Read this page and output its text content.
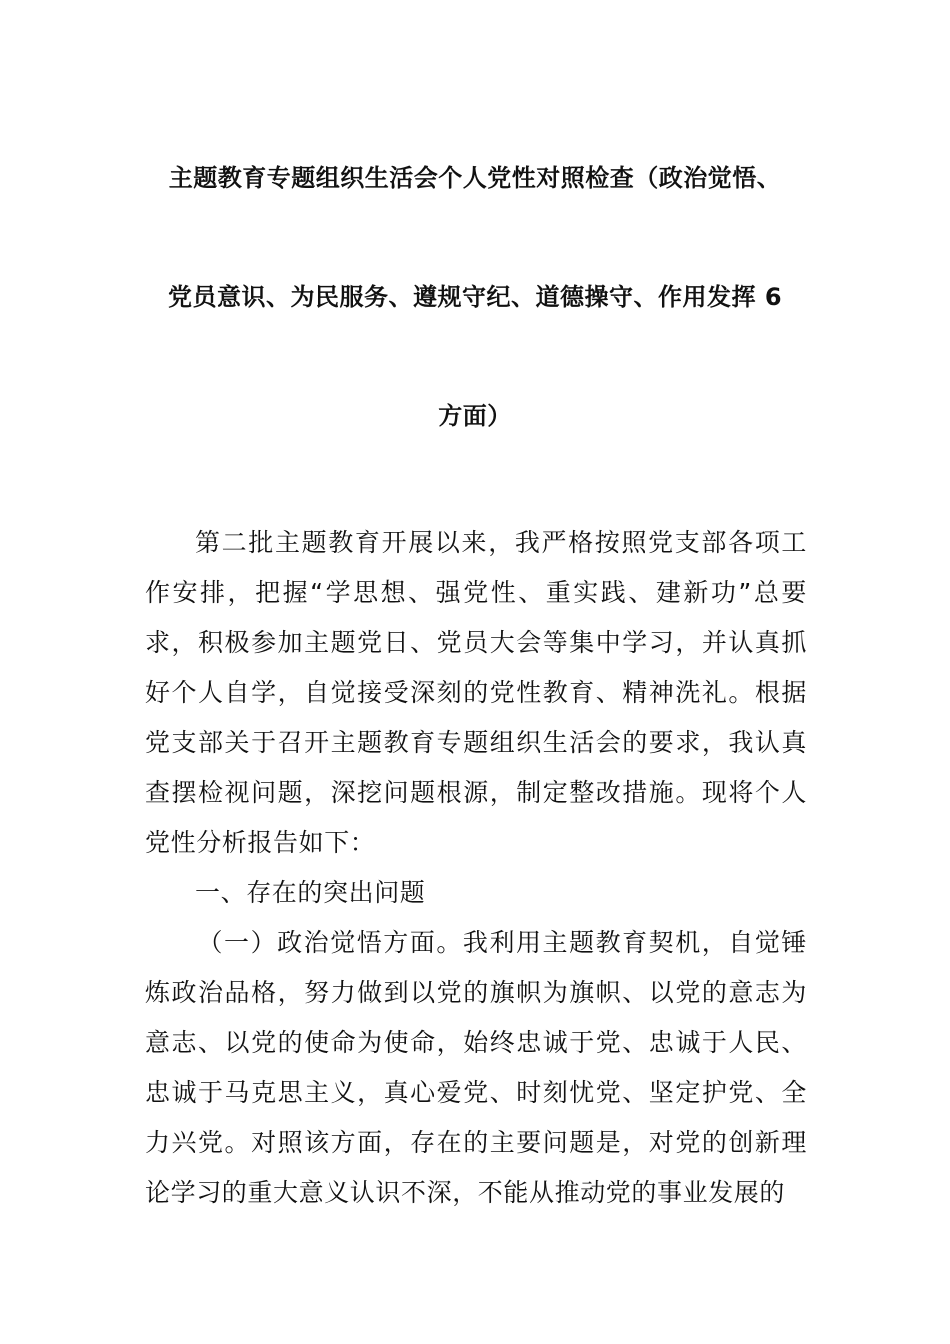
主题教育专题组织生活会个人党性对照检查（政治觉悟、
党员意识、为民服务、遵规守纪、道德操守、作用发挥 6
方面）

第二批主题教育开展以来，我严格按照党支部各项工作安排，把握“学思想、强党性、重实践、建新功”总要求，积极参加主题党日、党员大会等集中学习，并认真抓好个人自学，自觉接受深刻的党性教育、精神洗礼。根据党支部关于召开主题教育专题组织生活会的要求，我认真查摆检视问题，深挖问题根源，制定整改措施。现将个人党性分析报告如下：

一、存在的突出问题

（一）政治觉悟方面。我利用主题教育契机，自觉锤炼政治品格，努力做到以党的旗帜为旗帜、以党的意志为意志、以党的使命为使命，始终忠诚于党、忠诚于人民、忠诚于马克思主义，真心爱党、时刻忧党、坚定护党、全力兴党。对照该方面，存在的主要问题是，对党的创新理论学习的重大意义认识不深，不能从推动党的事业发展的
